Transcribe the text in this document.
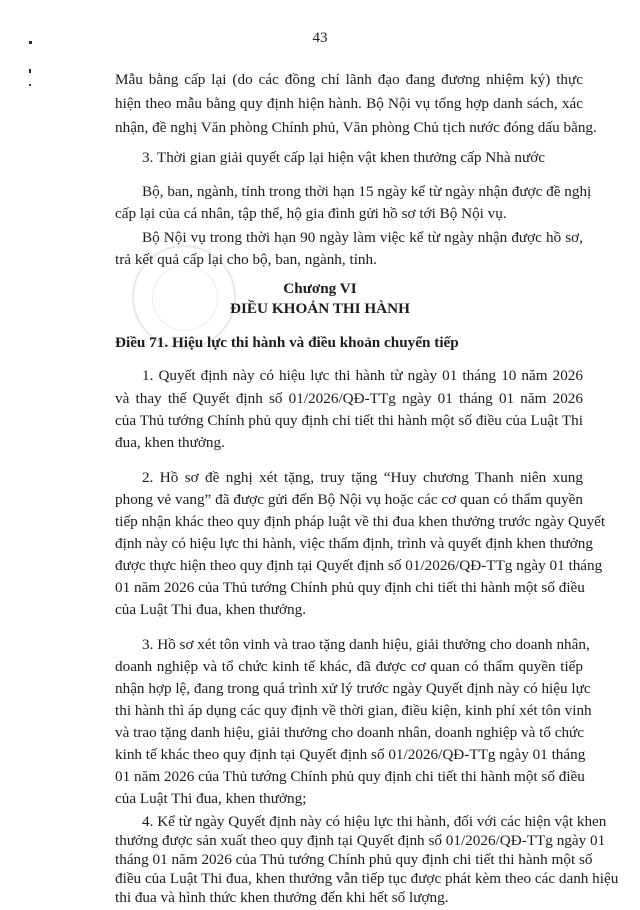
43
Mẫu bằng cấp lại (do các đồng chí lãnh đạo đang đương nhiệm ký) thực
hiện theo mẫu bằng quy định hiện hành. Bộ Nội vụ tổng hợp danh sách, xác
nhận, đề nghị Văn phòng Chính phủ, Văn phòng Chủ tịch nước đóng dấu bằng.
3. Thời gian giải quyết cấp lại hiện vật khen thưởng cấp Nhà nước
Bộ, ban, ngành, tỉnh trong thời hạn 15 ngày kể từ ngày nhận được đề nghị
cấp lại của cá nhân, tập thể, hộ gia đình gửi hồ sơ tới Bộ Nội vụ.
Bộ Nội vụ trong thời hạn 90 ngày làm việc kể từ ngày nhận được hồ sơ,
trả kết quả cấp lại cho bộ, ban, ngành, tỉnh.
Chương VI
ĐIỀU KHOẢN THI HÀNH
Điều 71. Hiệu lực thi hành và điều khoản chuyển tiếp
1. Quyết định này có hiệu lực thi hành từ ngày 01 tháng 10 năm 2026
và thay thế Quyết định số 01/2026/QĐ-TTg ngày 01 tháng 01 năm 2026
của Thủ tướng Chính phủ quy định chi tiết thi hành một số điều của Luật Thi
đua, khen thưởng.
2. Hồ sơ đề nghị xét tặng, truy tặng “Huy chương Thanh niên xung
phong vẻ vang” đã được gửi đến Bộ Nội vụ hoặc các cơ quan có thẩm quyền
tiếp nhận khác theo quy định pháp luật về thi đua khen thưởng trước ngày Quyết
định này có hiệu lực thi hành, việc thẩm định, trình và quyết định khen thưởng
được thực hiện theo quy định tại Quyết định số 01/2026/QĐ-TTg ngày 01 tháng
01 năm 2026 của Thủ tướng Chính phủ quy định chi tiết thi hành một số điều
của Luật Thi đua, khen thưởng.
3. Hồ sơ xét tôn vinh và trao tặng danh hiệu, giải thưởng cho doanh nhân,
doanh nghiệp và tổ chức kinh tế khác, đã được cơ quan có thẩm quyền tiếp
nhận hợp lệ, đang trong quá trình xử lý trước ngày Quyết định này có hiệu lực
thi hành thì áp dụng các quy định về thời gian, điều kiện, kinh phí xét tôn vinh
và trao tặng danh hiệu, giải thưởng cho doanh nhân, doanh nghiệp và tổ chức
kinh tế khác theo quy định tại Quyết định số 01/2026/QĐ-TTg ngày 01 tháng
01 năm 2026 của Thủ tướng Chính phủ quy định chi tiết thi hành một số điều
của Luật Thi đua, khen thưởng;
4. Kể từ ngày Quyết định này có hiệu lực thi hành, đối với các hiện vật khen
thưởng được sản xuất theo quy định tại Quyết định số 01/2026/QĐ-TTg ngày 01
tháng 01 năm 2026 của Thủ tướng Chính phủ quy định chi tiết thi hành một số
điều của Luật Thi đua, khen thưởng vẫn tiếp tục được phát kèm theo các danh hiệu
thi đua và hình thức khen thưởng đến khi hết số lượng.
